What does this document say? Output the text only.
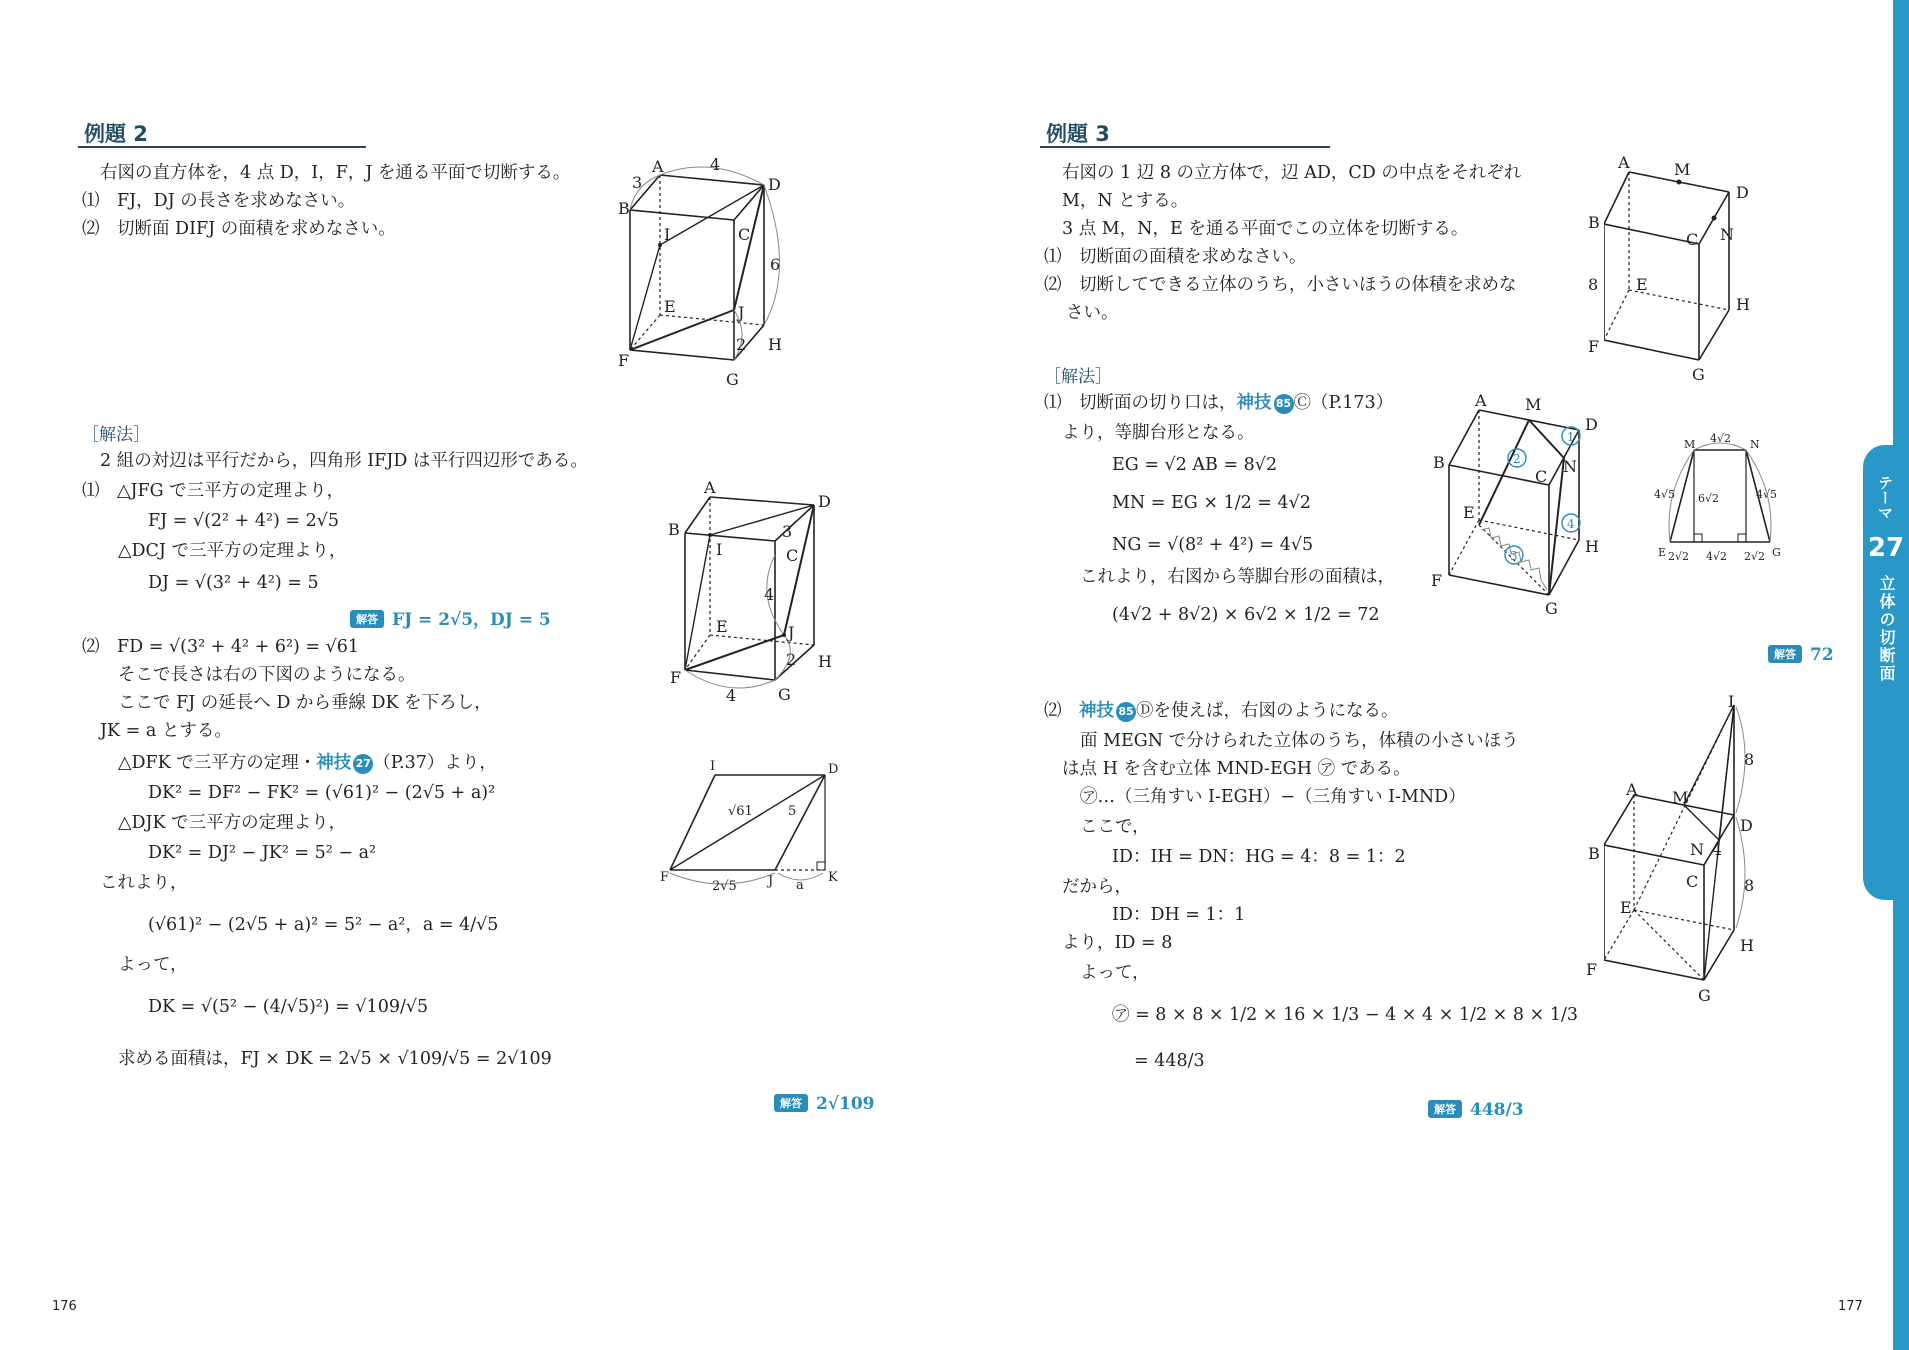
例題 2
右図の直方体を，4 点 D，I，F，J を通る平面で切断する。
⑴　FJ，DJ の長さを求めなさい。
⑵　切断面 DIFJ の面積を求めなさい。
［解法］
2 組の対辺は平行だから，四角形 IFJD は平行四辺形である。
⑴　△JFG で三平方の定理より，
FJ = √(2² + 4²) = 2√5
△DCJ で三平方の定理より，
DJ = √(3² + 4²) = 5
解答 FJ = 2√5，DJ = 5
⑵　FD = √(3² + 4² + 6²) = √61
そこで長さは右の下図のようになる。
ここで FJ の延長へ D から垂線 DK を下ろし，
JK = a とする。
△DFK で三平方の定理・神技 27 （P.37）より，
DK² = DF² − FK² = (√61)² − (2√5 + a)²
△DJK で三平方の定理より，
DK² = DJ² − JK² = 5² − a²
これより，
(√61)² − (2√5 + a)² = 5² − a²，a = 4/√5
よって，
DK = √(5² − (4/√5)²) = √109/√5
求める面積は，FJ × DK = 2√5 × √109/√5 = 2√109
解答 2√109
176
A
B
C
D
E
F
G
H
I
J
3
4
6
2
A
B
C
D
E
F
G
H
I
J
3
4
2
4
I	D
F	J	K
√61	5
2√5	a
例題 3
右図の 1 辺 8 の立方体で，辺 AD，CD の中点をそれぞれ
M，N とする。
3 点 M，N，E を通る平面でこの立体を切断する。
⑴　切断面の面積を求めなさい。
⑵　切断してできる立体のうち，小さいほうの体積を求めな
さい。
［解法］
⑴　切断面の切り口は，神技 85 Ⓒ（P.173）
より，等脚台形となる。
EG = √2 AB = 8√2
MN = EG × 1/2 = 4√2
NG = √(8² + 4²) = 4√5
これより，右図から等脚台形の面積は，
(4√2 + 8√2) × 6√2 × 1/2 = 72
解答 72
⑵　神技 85 Ⓓを使えば，右図のようになる。
面 MEGN で分けられた立体のうち，体積の小さいほう
は点 H を含む立体 MND-EGH ㋐ である。
㋐…（三角すい I-EGH）−（三角すい I-MND）
ここで，
ID：IH = DN：HG = 4：8 = 1：2
だから，
ID：DH = 1：1
より，ID = 8
よって，
㋐ = 8 × 8 × 1/2 × 16 × 1/3 − 4 × 4 × 1/2 × 8 × 1/3
= 448/3
解答 448/3
177
A	M
D
B
C N
8 E
H
F
G
1
2
4
3
A M
D
B
C
N
E
H
F
G
M 4√2 N
4√5 6√2	4√5
E 2√2 4√2 2√2 G
I
8
A M
D
N 4
B
C	8
E
H
F
G
テーマ
27
立体の切断面
